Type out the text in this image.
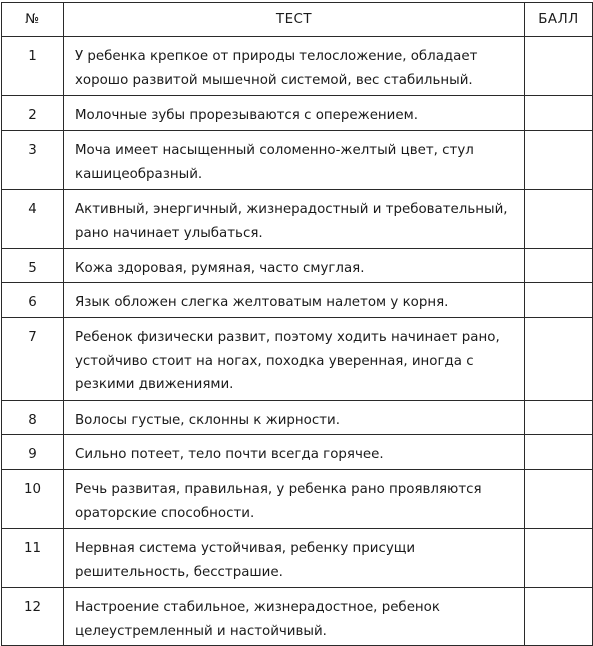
№	ТЕСТ	БАЛЛ
1	У ребенка крепкое от природы телосложение, обладает хорошо развитой мышечной системой, вес стабильный.	
2	Молочные зубы прорезываются с опережением.	
3	Моча имеет насыщенный соломенно-желтый цвет, стул кашицеобразный.	
4	Активный, энергичный, жизнерадостный и требовательный, рано начинает улыбаться.	
5	Кожа здоровая, румяная, часто смуглая.	
6	Язык обложен слегка желтоватым налетом у корня.	
7	Ребенок физически развит, поэтому ходить начинает рано, устойчиво стоит на ногах, походка уверенная, иногда с резкими движениями.	
8	Волосы густые, склонны к жирности.	
9	Сильно потеет, тело почти всегда горячее.	
10	Речь развитая, правильная, у ребенка рано проявляются ораторские способности.	
11	Нервная система устойчивая, ребенку присущи решительность, бесстрашие.	
12	Настроение стабильное, жизнерадостное, ребенок целеустремленный и настойчивый.	
